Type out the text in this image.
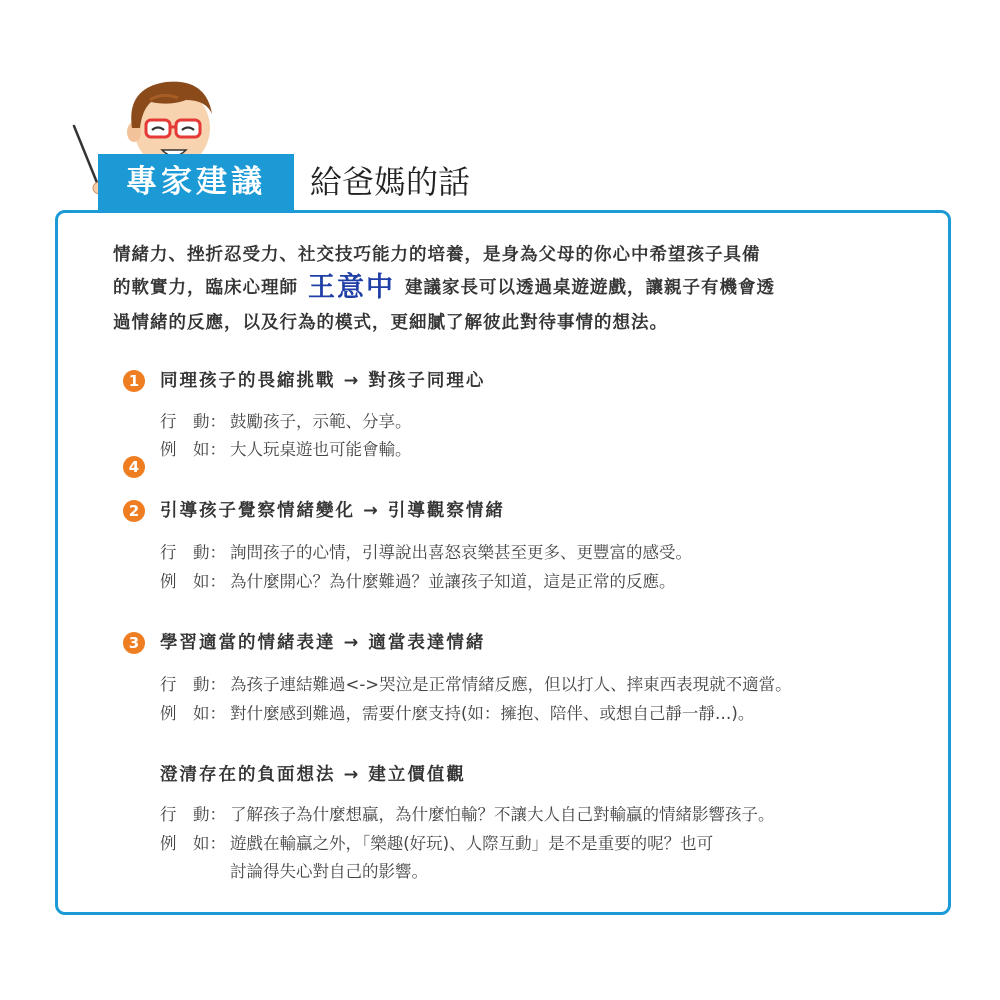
專家建議	給爸媽的話
情緒力、挫折忍受力、社交技巧能力的培養，是身為父母的你心中希望孩子具備
的軟實力，臨床心理師 王意中 建議家長可以透過桌遊遊戲，讓親子有機會透
過情緒的反應，以及行為的模式，更細膩了解彼此對待事情的想法。
1	同理孩子的畏縮挑戰 → 對孩子同理心
行　動： 鼓勵孩子，示範、分享。
例　如： 大人玩桌遊也可能會輸。
4
2	引導孩子覺察情緒變化 → 引導觀察情緒
行　動： 詢問孩子的心情，引導說出喜怒哀樂甚至更多、更豐富的感受。
例　如： 為什麼開心？為什麼難過？並讓孩子知道，這是正常的反應。
3	學習適當的情緒表達 → 適當表達情緒
行　動： 為孩子連結難過<->哭泣是正常情緒反應，但以打人、摔東西表現就不適當。
例　如： 對什麼感到難過，需要什麼支持(如：擁抱、陪伴、或想自己靜一靜…)。
澄清存在的負面想法 → 建立價值觀
行　動： 了解孩子為什麼想贏，為什麼怕輸？不讓大人自己對輸贏的情緒影響孩子。
例　如： 遊戲在輸贏之外，「樂趣(好玩)、人際互動」是不是重要的呢？也可
討論得失心對自己的影響。
